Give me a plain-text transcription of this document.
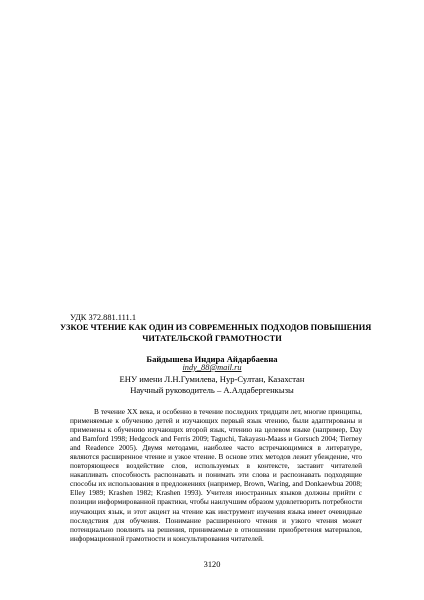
УДК 372.881.111.1
УЗКОЕ ЧТЕНИЕ КАК ОДИН ИЗ СОВРЕМЕННЫХ ПОДХОДОВ ПОВЫШЕНИЯ
ЧИТАТЕЛЬСКОЙ ГРАМОТНОСТИ
Байдышева Индира Айдарбаевна
indy_88@mail.ru
ЕНУ имени Л.Н.Гумилева, Нур-Султан, Казахстан
Научный руководитель – А.Алдабергенкызы
В течение XX века, и особенно в течение последних тридцати лет, многие принципы,
применяемые к обучению детей и изучающих первый язык чтению, были адаптированы и
применены к обучению изучающих второй язык, чтению на целевом языке (например, Day
and Bamford 1998; Hedgcock and Ferris 2009; Taguchi, Takayasu-Maass и Gorsuch 2004; Tierney
and Readence 2005). Двумя методами, наиболее часто встречающимися в литературе,
являются расширенное чтение и узкое чтение. В основе этих методов лежит убеждение, что
повторяющееся воздействие слов, используемых в контексте, заставит читателей
накапливать способность распознавать и понимать эти слова и распознавать подходящие
способы их использования в предложениях (например, Brown, Waring, and Donkaewbua 2008;
Elley 1989; Krashen 1982; Krashen 1993). Учителя иностранных языков должны прийти с
позиции информированной практики, чтобы наилучшим образом удовлетворить потребности
изучающих язык, и этот акцент на чтение как инструмент изучения языка имеет очевидные
последствия для обучения. Понимание расширенного чтения и узкого чтения может
потенциально повлиять на решения, принимаемые в отношении приобретения материалов,
информационной грамотности и консультирования читателей.
3120
